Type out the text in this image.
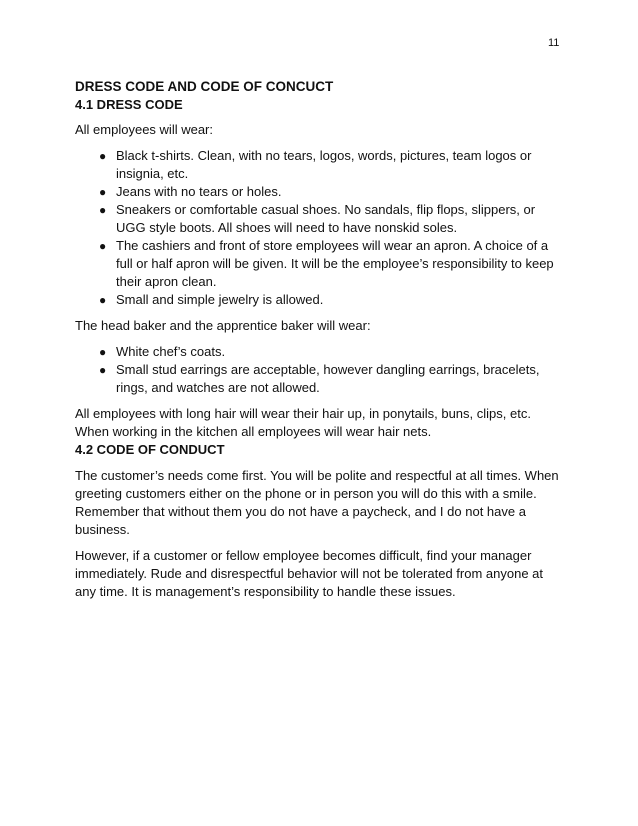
11
DRESS CODE AND CODE OF CONCUCT
4.1 DRESS CODE

All employees will wear:

● Black t-shirts. Clean, with no tears, logos, words, pictures, team logos or insignia, etc.
● Jeans with no tears or holes.
● Sneakers or comfortable casual shoes. No sandals, flip flops, slippers, or UGG style boots. All shoes will need to have nonskid soles.
● The cashiers and front of store employees will wear an apron. A choice of a full or half apron will be given. It will be the employee’s responsibility to keep their apron clean.
● Small and simple jewelry is allowed.

The head baker and the apprentice baker will wear:

● White chef’s coats.
● Small stud earrings are acceptable, however dangling earrings, bracelets, rings, and watches are not allowed.

All employees with long hair will wear their hair up, in ponytails, buns, clips, etc. When working in the kitchen all employees will wear hair nets.

4.2 CODE OF CONDUCT

The customer’s needs come first. You will be polite and respectful at all times. When greeting customers either on the phone or in person you will do this with a smile. Remember that without them you do not have a paycheck, and I do not have a business.

However, if a customer or fellow employee becomes difficult, find your manager immediately. Rude and disrespectful behavior will not be tolerated from anyone at any time. It is management’s responsibility to handle these issues.
